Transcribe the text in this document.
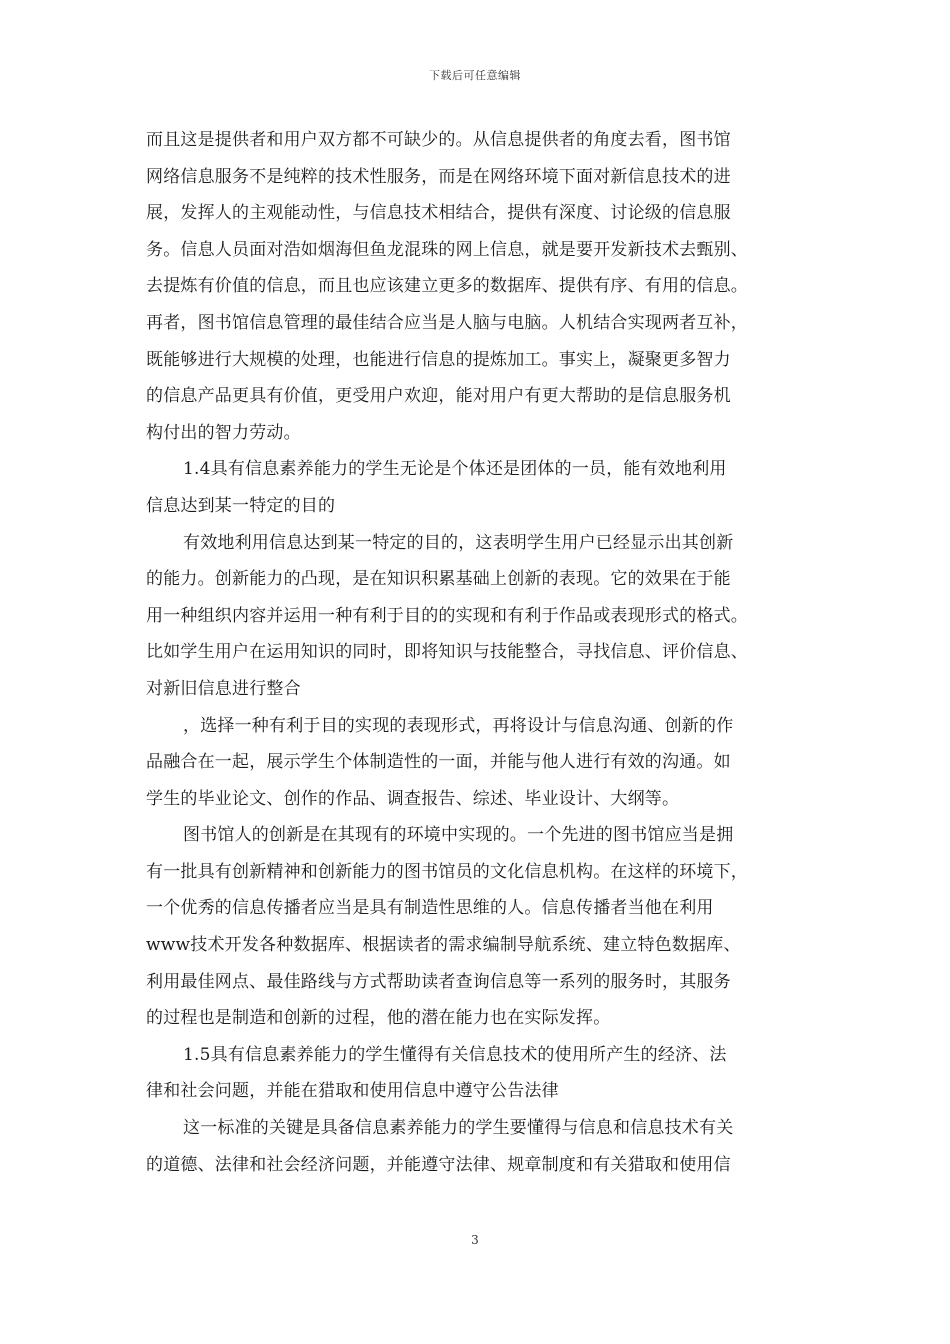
下载后可任意编辑
而且这是提供者和用户双方都不可缺少的。从信息提供者的角度去看，图书馆
网络信息服务不是纯粹的技术性服务，而是在网络环境下面对新信息技术的进
展，发挥人的主观能动性，与信息技术相结合，提供有深度、讨论级的信息服
务。信息人员面对浩如烟海但鱼龙混珠的网上信息，就是要开发新技术去甄别、
去提炼有价值的信息，而且也应该建立更多的数据库、提供有序、有用的信息。
再者，图书馆信息管理的最佳结合应当是人脑与电脑。人机结合实现两者互补，
既能够进行大规模的处理，也能进行信息的提炼加工。事实上，凝聚更多智力
的信息产品更具有价值，更受用户欢迎，能对用户有更大帮助的是信息服务机
构付出的智力劳动。
1.4具有信息素养能力的学生无论是个体还是团体的一员，能有效地利用
信息达到某一特定的目的
有效地利用信息达到某一特定的目的，这表明学生用户已经显示出其创新
的能力。创新能力的凸现，是在知识积累基础上创新的表现。它的效果在于能
用一种组织内容并运用一种有利于目的的实现和有利于作品或表现形式的格式。
比如学生用户在运用知识的同时，即将知识与技能整合，寻找信息、评价信息、
对新旧信息进行整合
，选择一种有利于目的实现的表现形式，再将设计与信息沟通、创新的作
品融合在一起，展示学生个体制造性的一面，并能与他人进行有效的沟通。如
学生的毕业论文、创作的作品、调查报告、综述、毕业设计、大纲等。
图书馆人的创新是在其现有的环境中实现的。一个先进的图书馆应当是拥
有一批具有创新精神和创新能力的图书馆员的文化信息机构。在这样的环境下，
一个优秀的信息传播者应当是具有制造性思维的人。信息传播者当他在利用
www技术开发各种数据库、根据读者的需求编制导航系统、建立特色数据库、
利用最佳网点、最佳路线与方式帮助读者查询信息等一系列的服务时，其服务
的过程也是制造和创新的过程，他的潜在能力也在实际发挥。
1.5具有信息素养能力的学生懂得有关信息技术的使用所产生的经济、法
律和社会问题，并能在猎取和使用信息中遵守公告法律
这一标准的关键是具备信息素养能力的学生要懂得与信息和信息技术有关
的道德、法律和社会经济问题，并能遵守法律、规章制度和有关猎取和使用信
3
